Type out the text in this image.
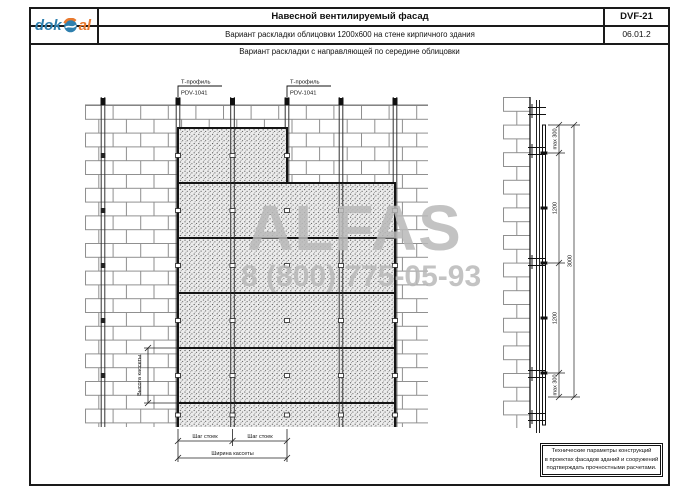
dok al
Навесной вентилируемый фасад
Вариант раскладки облицовки 1200х600 на стене кирпичного здания
DVF-21
06.01.2
Вариант раскладки с направляющей по середине облицовки
Т-профиль
PDV-1041
Т-профиль
PDV-1041
Высота кассеты
Шаг стоек	Шаг стоек
Ширина кассеты
max 300
1200
1200
max 300
3000
ALFAS
8 (800) 775-05-93
Технические параметры конструкций
в проектах фасадов зданий и сооружений
подтверждать прочностными расчетами.
